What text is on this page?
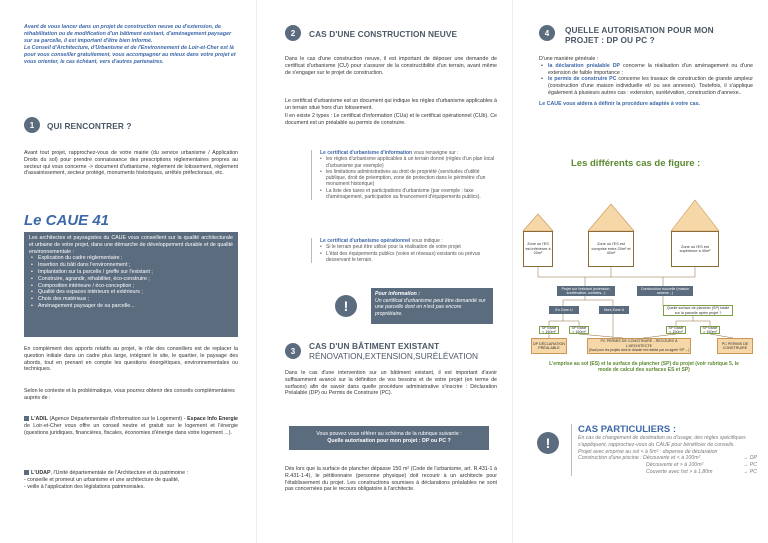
Avant de vous lancer dans un projet de construction neuve ou d'extension, de réhabilitation ou de modification d'un bâtiment existant, d'aménagement paysager sur sa parcelle, il est important d'être bien informé.
Le Conseil d'Architecture, d'Urbanisme et de l'Environnement de Loir-et-Cher est là pour vous conseiller gratuitement, vous accompagner au mieux dans votre projet et vous orienter, le cas échéant, vers d'autres partenaires.
1	QUI RENCONTRER ?
Avant tout projet, rapprochez-vous de votre mairie (du service urbanisme / Application Droits du sol) pour prendre connaissance des prescriptions réglementaires propres au secteur qui vous concerne -> document d'urbanisme, règlement de lotissement, règlement d'assainissement, secteur protégé, monuments historiques, arrêtés préfectoraux, etc.
Le CAUE 41
Les architectes et paysagistes du CAUE vous conseillent sur la qualité architecturale et urbaine de votre projet, dans une démarche de développement durable et de qualité environnementale :
• Explication du cadre réglementaire ;
• Insertion du bâti dans l'environnement ;
• Implantation sur la parcelle / greffe sur l'existant ;
• Construire, agrandir, réhabiliter, éco-construire ;
• Composition intérieure / éco-conception ;
• Qualité des espaces intérieurs et extérieurs ;
• Choix des matériaux ;
• Aménagement paysager de sa parcelle...
En complément des apports relatifs au projet, le rôle des conseillers est de replacer la question initiale dans un cadre plus large, intégrant le site, le quartier, le paysage des abords, tout en prenant en compte les questions énergétiques, environnementales ou techniques.
Selon le contexte et la problématique, vous pourrez obtenir des conseils complémentaires auprès de :
L'ADIL (Agence Départementale d'Information sur le Logement) - Espace Info Energie de Loir-et-Cher vous offre un conseil neutre et gratuit sur le logement et l'énergie (questions juridiques, financières, fiscales, économies d'énergie dans votre logement ...).
L'UDAP, l'Unité départementale de l'Architecture et du patrimoine :
- conseille et promeut un urbanisme et une architecture de qualité,
- veille à l'application des législations patrimoniales.
2	CAS D'UNE CONSTRUCTION NEUVE
Dans le cas d'une construction neuve, il est important de déposer une demande de certificat d'urbanisme (CU) pour s'assurer de la constructibilité d'un terrain, avant même de s'engager sur le projet de construction.
Le certificat d'urbanisme est un document qui indique les règles d'urbanisme applicables à un terrain situé hors d'un lotissement.
Il en existe 2 types : Le certificat d'information (CUa) et le certificat opérationnel (CUb). Ce document est un préalable au permis de construire.
Le certificat d'urbanisme d'information vous renseigne sur :
• les règles d'urbanisme applicables à un terrain donné (règles d'un plan local d'urbanisme par exemple)
• les limitations administratives au droit de propriété (servitudes d'utilité publique, droit de préemption, zone de protection dans le périmètre d'un monument historique)
• La liste des taxes et participations d'urbanisme (par exemple : taxe d'aménagement, participation au financement d'équipements publics).
Le certificat d'urbanisme opérationnel vous indique :
• Si le terrain peut être utilisé pour la réalisation de votre projet
• L'état des équipements publics (voies et réseaux) existants ou prévus desservant le terrain.
!
Pour information :
Un certificat d'urbanisme peut être demandé sur une parcelle dont on n'est pas encore propriétaire.
3	CAS D'UN BÂTIMENT EXISTANT
RÉNOVATION,EXTENSION,SURÉLÉVATION
Dans le cas d'une intervention sur un bâtiment existant, il est important d'avoir suffisamment avancé sur la définition de vos besoins et de votre projet (en terme de surfaces) afin de savoir dans quelle procédure administrative s'inscrire : Déclaration Préalable (DP) ou Permis de Construire (PC).
Vous pouvez vous référer au schéma de la rubrique suivante :
Quelle autorisation pour mon projet : DP ou PC ?
Dès lors que la surface de plancher dépasse 150 m² (Code de l'urbanisme, art. R.431-1 à R.431-1-4), le pétitionnaire (personne physique) doit recourir à un architecte pour l'établissement du projet. Les constructions soumises à déclarations préalables ne sont pas concernées par le recours obligatoire à l'architecte.
4	QUELLE AUTORISATION POUR MON
PROJET : DP OU PC ?
D'une manière générale :
• la déclaration préalable DP concerne la réalisation d'un aménagement ou d'une extension de faible importance ;
• le permis de construire PC concerne les travaux de construction de grande ampleur (construction d'une maison individuelle et/ ou ses annexes). Toutefois, il s'applique également à plusieurs autres cas : extension, surélévation, construction d'annexe..
Le CAUE vous aidera à définir la procédure adaptée à votre cas.
Les différents cas de figure :
Zone où l'ES est inférieure à 20m²
Zone où l'ES est comprise entre 20m² et 40m²
Zone où l'ES est supérieure à 40m²
Projet sur l'existant (extension, surélévation, combles...)
Construction nouvelle (maison annexe...)
En Zone U	Hors Zone U	Quelle surface de plancher (SP) totale sur la parcelle après projet ?
SP totale < 150m²
SP totale > 150m²
SP totale < 150m²
SP totale > 150m²
DP DÉCLARATION PRÉALABLE
PC PERMIS DE CONSTRUIRE - RECOURS À L'ARCHITECTE
(Sauf pour les projets dont le dossier est réalisé par un agréé 'SP' ...)
PC PERMIS DE CONSTRUIRE
L'emprise au sol (ES) et la surface de plancher (SP) du projet (voir rubrique 5, le mode de calcul des surfaces ES et SP)
!
CAS PARTICULIERS :
En cas de changement de destination ou d'usage, des règles spécifiques s'appliquent, rapprochez-vous du CAUE pour bénéficier de conseils.
Projet avec emprise au sol < à 5m² : dispense de déclaration
Construction d'une piscine : Découverte et < à 100m²	→ DP
Découverte et > à 100m²	→ PC
Couverte avec hst > à 1,80m	→ PC
